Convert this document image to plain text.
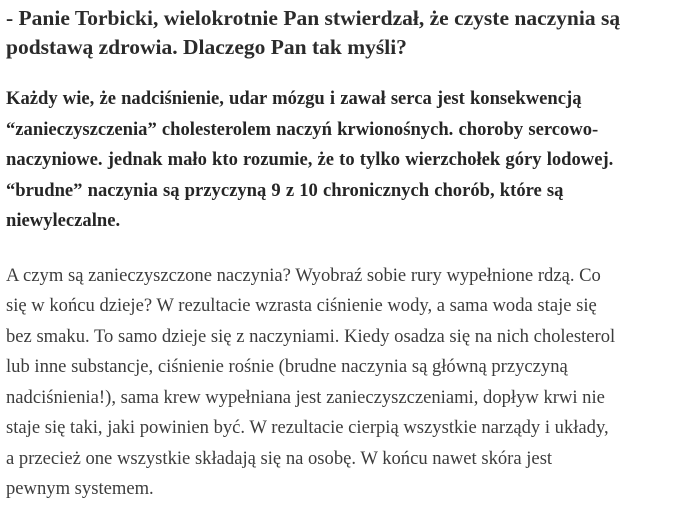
- Panie Torbicki, wielokrotnie Pan stwierdzał, że czyste naczynia są
podstawą zdrowia. Dlaczego Pan tak myśli?

Każdy wie, że nadciśnienie, udar mózgu i zawał serca jest konsekwencją
“zanieczyszczenia” cholesterolem naczyń krwionośnych. choroby sercowo-
naczyniowe. jednak mało kto rozumie, że to tylko wierzchołek góry lodowej.
“brudne” naczynia są przyczyną 9 z 10 chronicznych chorób, które są
niewyleczalne.

A czym są zanieczyszczone naczynia? Wyobraź sobie rury wypełnione rdzą. Co
się w końcu dzieje? W rezultacie wzrasta ciśnienie wody, a sama woda staje się
bez smaku. To samo dzieje się z naczyniami. Kiedy osadza się na nich cholesterol
lub inne substancje, ciśnienie rośnie (brudne naczynia są główną przyczyną
nadciśnienia!), sama krew wypełniana jest zanieczyszczeniami, dopływ krwi nie
staje się taki, jaki powinien być. W rezultacie cierpią wszystkie narządy i układy,
a przecież one wszystkie składają się na osobę. W końcu nawet skóra jest
pewnym systemem.
